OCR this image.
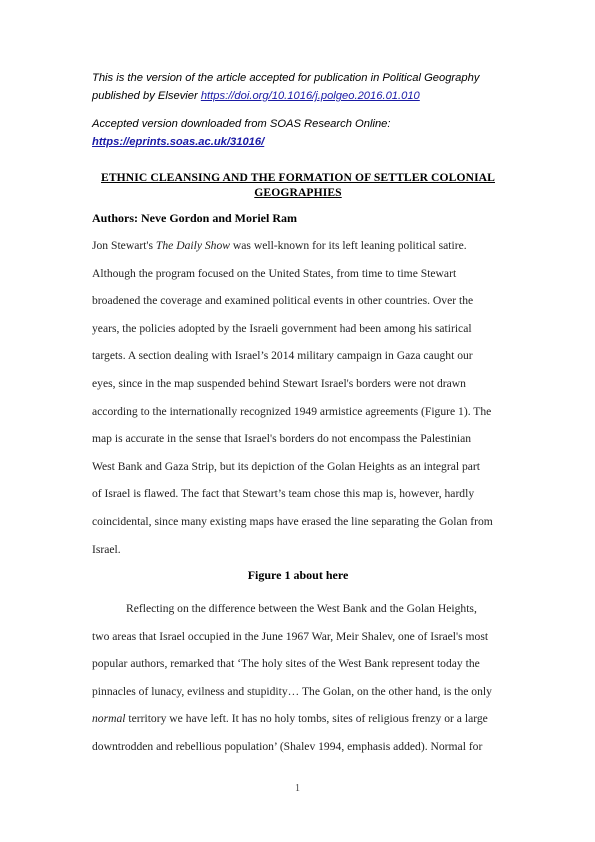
This is the version of the article accepted for publication in Political Geography
published by Elsevier https://doi.org/10.1016/j.polgeo.2016.01.010
Accepted version downloaded from SOAS Research Online:
https://eprints.soas.ac.uk/31016/
ETHNIC CLEANSING AND THE FORMATION OF SETTLER COLONIAL
GEOGRAPHIES
Authors: Neve Gordon and Moriel Ram
Jon Stewart's The Daily Show was well-known for its left leaning political satire.
Although the program focused on the United States, from time to time Stewart
broadened the coverage and examined political events in other countries. Over the
years, the policies adopted by the Israeli government had been among his satirical
targets. A section dealing with Israel’s 2014 military campaign in Gaza caught our
eyes, since in the map suspended behind Stewart Israel's borders were not drawn
according to the internationally recognized 1949 armistice agreements (Figure 1). The
map is accurate in the sense that Israel's borders do not encompass the Palestinian
West Bank and Gaza Strip, but its depiction of the Golan Heights as an integral part
of Israel is flawed. The fact that Stewart’s team chose this map is, however, hardly
coincidental, since many existing maps have erased the line separating the Golan from
Israel.
Figure 1 about here
Reflecting on the difference between the West Bank and the Golan Heights,
two areas that Israel occupied in the June 1967 War, Meir Shalev, one of Israel's most
popular authors, remarked that ‘The holy sites of the West Bank represent today the
pinnacles of lunacy, evilness and stupidity… The Golan, on the other hand, is the only
normal territory we have left. It has no holy tombs, sites of religious frenzy or a large
downtrodden and rebellious population’ (Shalev 1994, emphasis added). Normal for
1
